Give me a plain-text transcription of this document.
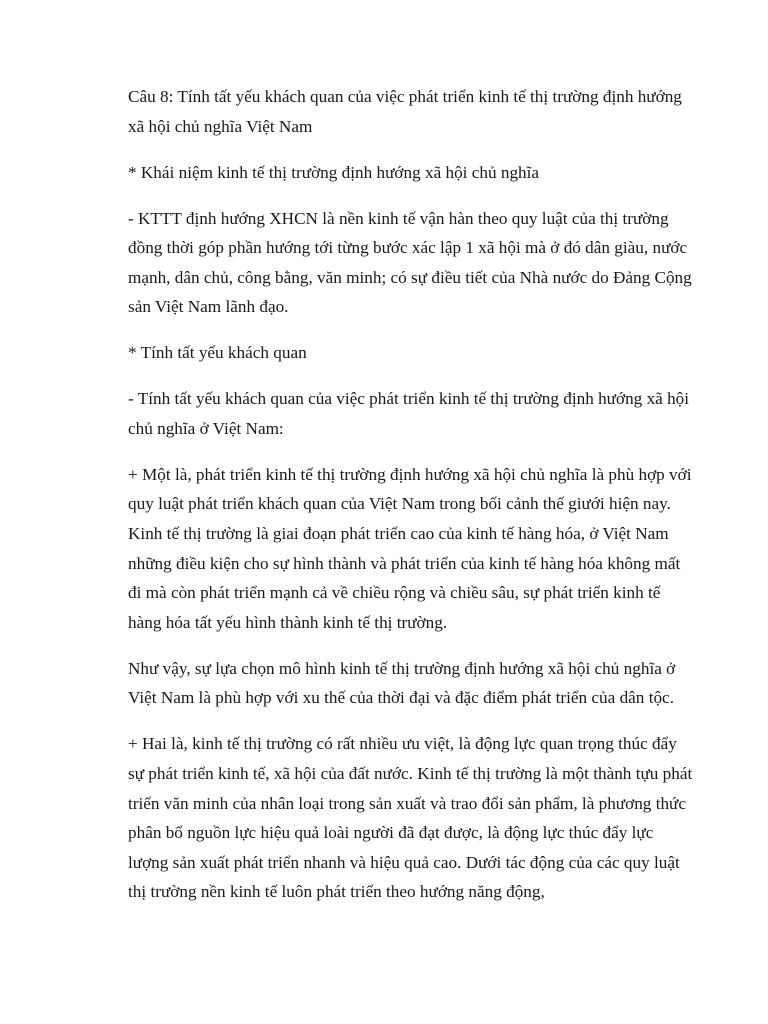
Câu 8: Tính tất yếu khách quan của việc phát triển kinh tế thị trường định hướng xã hội chủ nghĩa Việt Nam

* Khái niệm kinh tế thị trường định hướng xã hội chủ nghĩa

- KTTT định hướng XHCN là nền kinh tế vận hàn theo quy luật của thị trường đồng thời góp phần hướng tới từng bước xác lập 1 xã hội mà ở đó dân giàu, nước mạnh, dân chủ, công bằng, văn minh; có sự điều tiết của Nhà nước do Đảng Cộng sản Việt Nam lãnh đạo.

* Tính tất yếu khách quan

- Tính tất yếu khách quan của việc phát triển kinh tế thị trường định hướng xã hội chủ nghĩa ở Việt Nam:

+ Một là, phát triển kinh tế thị trường định hướng xã hội chủ nghĩa là phù hợp với quy luật phát triển khách quan của Việt Nam trong bối cảnh thế giưới hiện nay. Kinh tế thị trường là giai đoạn phát triển cao của kinh tế hàng hóa, ở Việt Nam những điều kiện cho sự hình thành và phát triển của kinh tế hàng hóa không mất đi mà còn phát triển mạnh cả về chiều rộng và chiều sâu, sự phát triển kinh tế hàng hóa tất yếu hình thành kinh tế thị trường.

Như vậy, sự lựa chọn mô hình kinh tế thị trường định hướng xã hội chủ nghĩa ở Việt Nam là phù hợp với xu thế của thời đại và đặc điểm phát triển của dân tộc.

+ Hai là, kinh tế thị trường có rất nhiều ưu việt, là động lực quan trọng thúc đẩy sự phát triển kinh tế, xã hội của đất nước. Kinh tế thị trường là một thành tựu phát triển văn minh của nhân loại trong sản xuất và trao đổi sản phẩm, là phương thức phân bổ nguồn lực hiệu quả loài người đã đạt được, là động lực thúc đẩy lực lượng sản xuất phát triển nhanh và hiệu quả cao. Dưới tác động của các quy luật thị trường nền kinh tế luôn phát triển theo hướng năng động,
